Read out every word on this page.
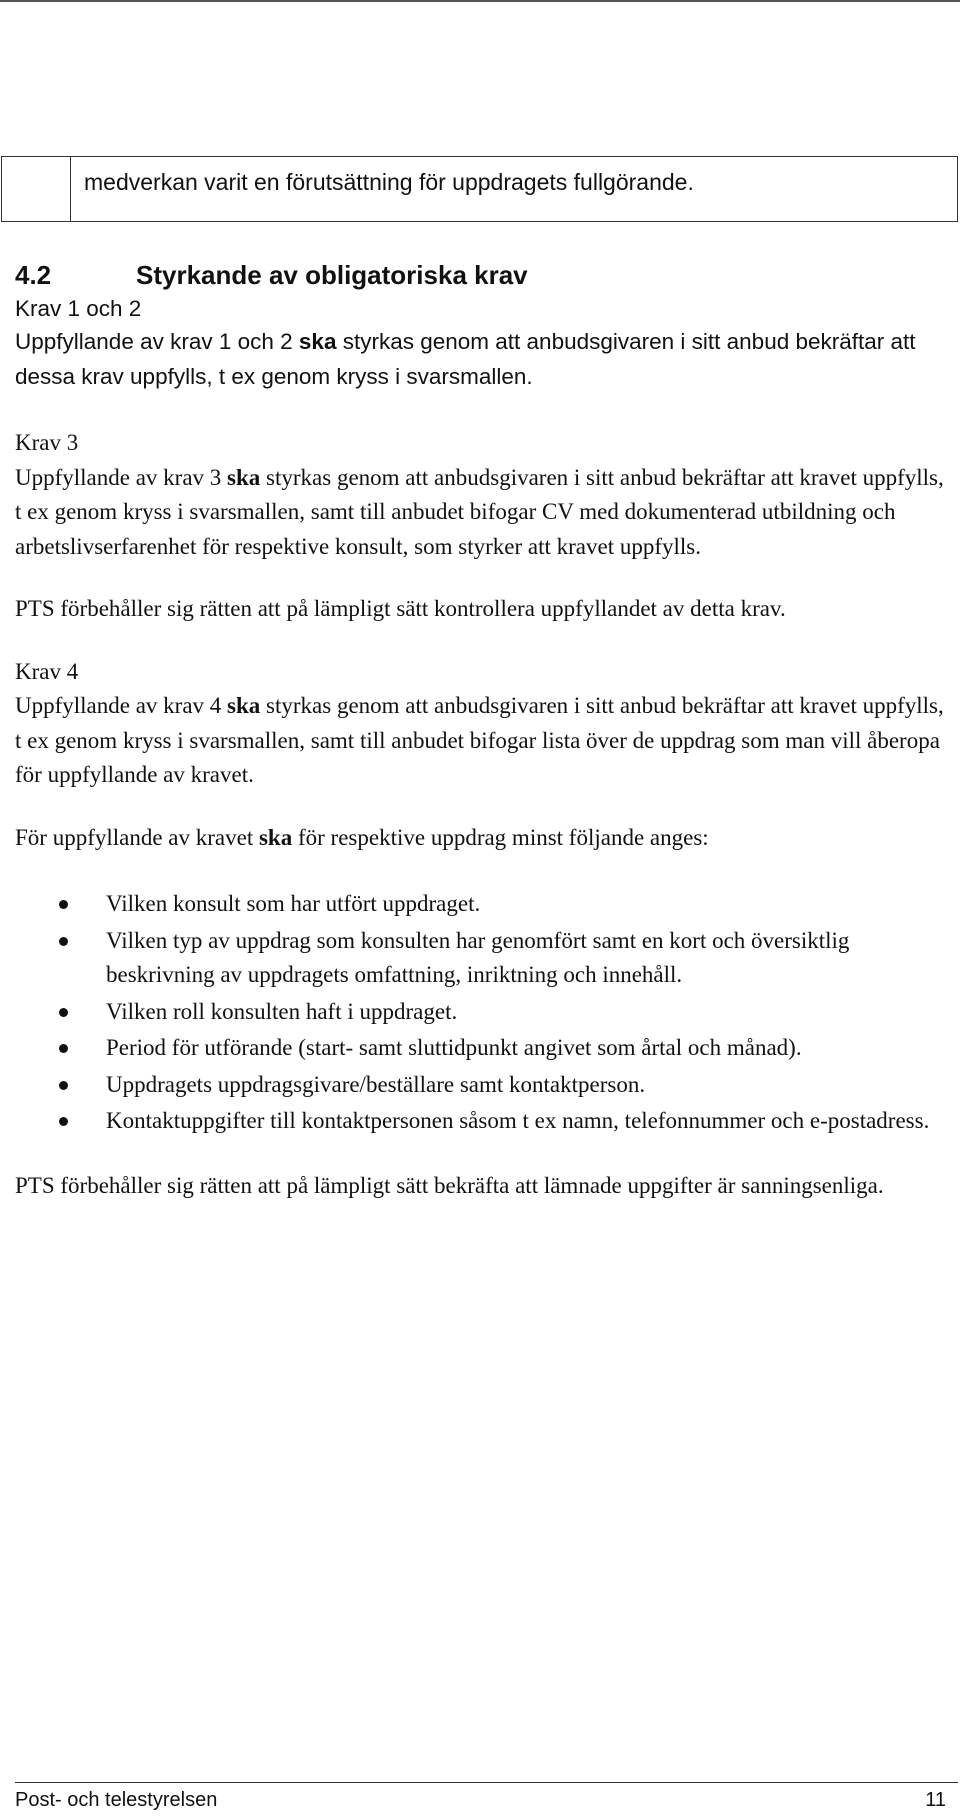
medverkan varit en förutsättning för uppdragets fullgörande.
4.2	Styrkande av obligatoriska krav
Krav 1 och 2

Uppfyllande av krav 1 och 2 ska styrkas genom att anbudsgivaren i sitt anbud bekräftar att dessa krav uppfylls, t ex genom kryss i svarsmallen.

Krav 3

Uppfyllande av krav 3 ska styrkas genom att anbudsgivaren i sitt anbud bekräftar att kravet uppfylls, t ex genom kryss i svarsmallen, samt till anbudet bifogar CV med dokumenterad utbildning och arbetslivserfarenhet för respektive konsult, som styrker att kravet uppfylls.

PTS förbehåller sig rätten att på lämpligt sätt kontrollera uppfyllandet av detta krav.

Krav 4

Uppfyllande av krav 4 ska styrkas genom att anbudsgivaren i sitt anbud bekräftar att kravet uppfylls, t ex genom kryss i svarsmallen, samt till anbudet bifogar lista över de uppdrag som man vill åberopa för uppfyllande av kravet.

För uppfyllande av kravet ska för respektive uppdrag minst följande anges:

Vilken konsult som har utfört uppdraget.
Vilken typ av uppdrag som konsulten har genomfört samt en kort och översiktlig beskrivning av uppdragets omfattning, inriktning och innehåll.
Vilken roll konsulten haft i uppdraget.
Period för utförande (start- samt sluttidpunkt angivet som årtal och månad).
Uppdragets uppdragsgivare/beställare samt kontaktperson.
Kontaktuppgifter till kontaktpersonen såsom t ex namn, telefonnummer och e-postadress.

PTS förbehåller sig rätten att på lämpligt sätt bekräfta att lämnade uppgifter är sanningsenliga.

Post- och telestyrelsen	11
